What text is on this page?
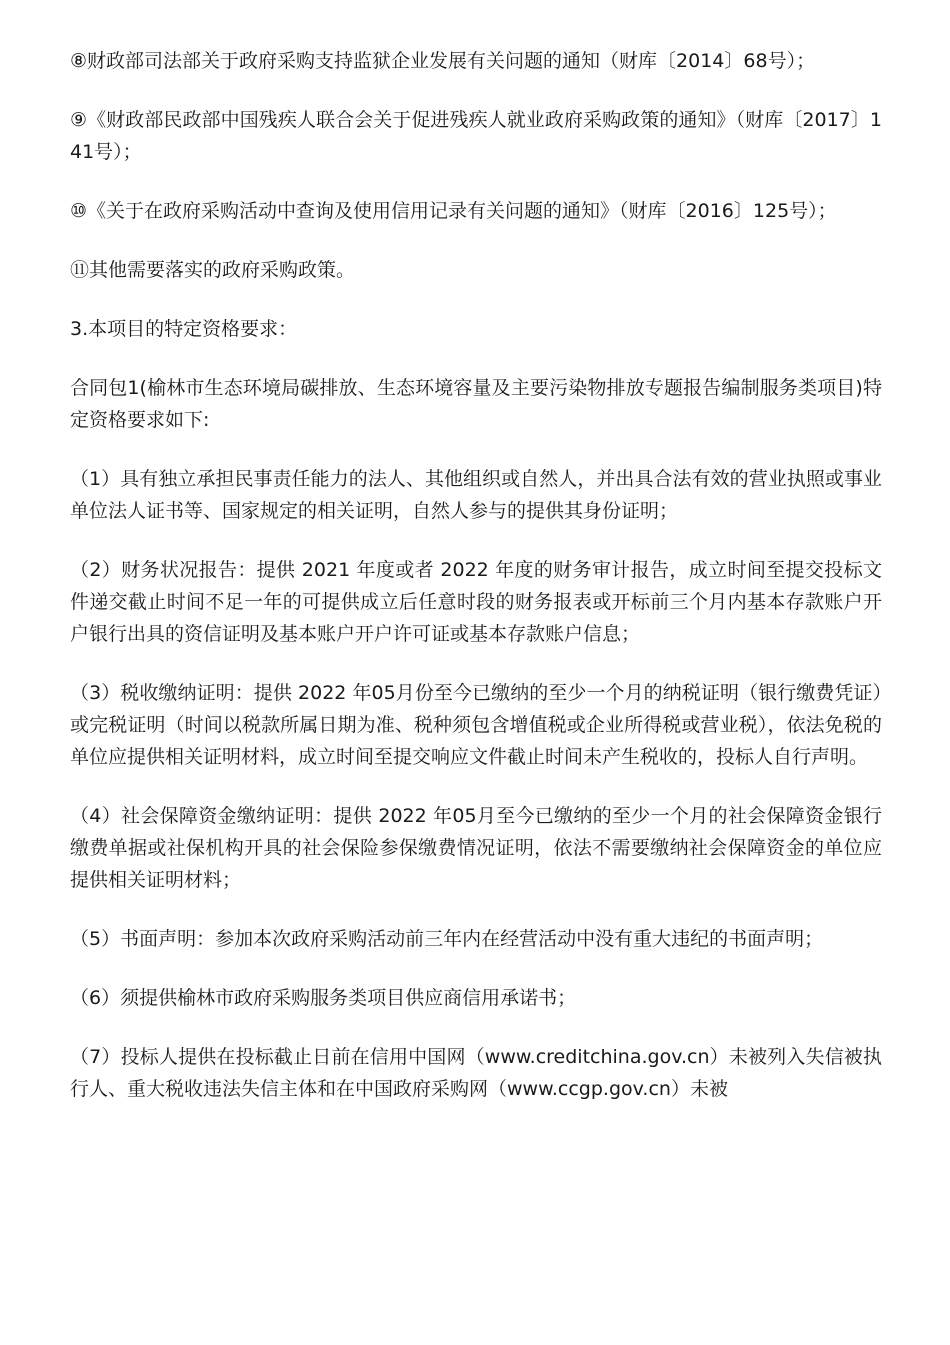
⑧财政部司法部关于政府采购支持监狱企业发展有关问题的通知（财库〔2014〕68号）；

⑨《财政部民政部中国残疾人联合会关于促进残疾人就业政府采购政策的通知》（财库〔2017〕141号）；

⑩《关于在政府采购活动中查询及使用信用记录有关问题的通知》（财库〔2016〕125号）；

⑪其他需要落实的政府采购政策。

3.本项目的特定资格要求：

合同包1(榆林市生态环境局碳排放、生态环境容量及主要污染物排放专题报告编制服务类项目)特定资格要求如下:

（1）具有独立承担民事责任能力的法人、其他组织或自然人，并出具合法有效的营业执照或事业单位法人证书等、国家规定的相关证明，自然人参与的提供其身份证明；

（2）财务状况报告：提供 2021 年度或者 2022 年度的财务审计报告，成立时间至提交投标文件递交截止时间不足一年的可提供成立后任意时段的财务报表或开标前三个月内基本存款账户开户银行出具的资信证明及基本账户开户许可证或基本存款账户信息；

（3）税收缴纳证明：提供 2022 年05月份至今已缴纳的至少一个月的纳税证明（银行缴费凭证）或完税证明（时间以税款所属日期为准、税种须包含增值税或企业所得税或营业税），依法免税的单位应提供相关证明材料，成立时间至提交响应文件截止时间未产生税收的，投标人自行声明。

（4）社会保障资金缴纳证明：提供 2022 年05月至今已缴纳的至少一个月的社会保障资金银行缴费单据或社保机构开具的社会保险参保缴费情况证明，依法不需要缴纳社会保障资金的单位应提供相关证明材料；

（5）书面声明：参加本次政府采购活动前三年内在经营活动中没有重大违纪的书面声明；

（6）须提供榆林市政府采购服务类项目供应商信用承诺书；

（7）投标人提供在投标截止日前在信用中国网（www.creditchina.gov.cn）未被列入失信被执行人、重大税收违法失信主体和在中国政府采购网（www.ccgp.gov.cn）未被
